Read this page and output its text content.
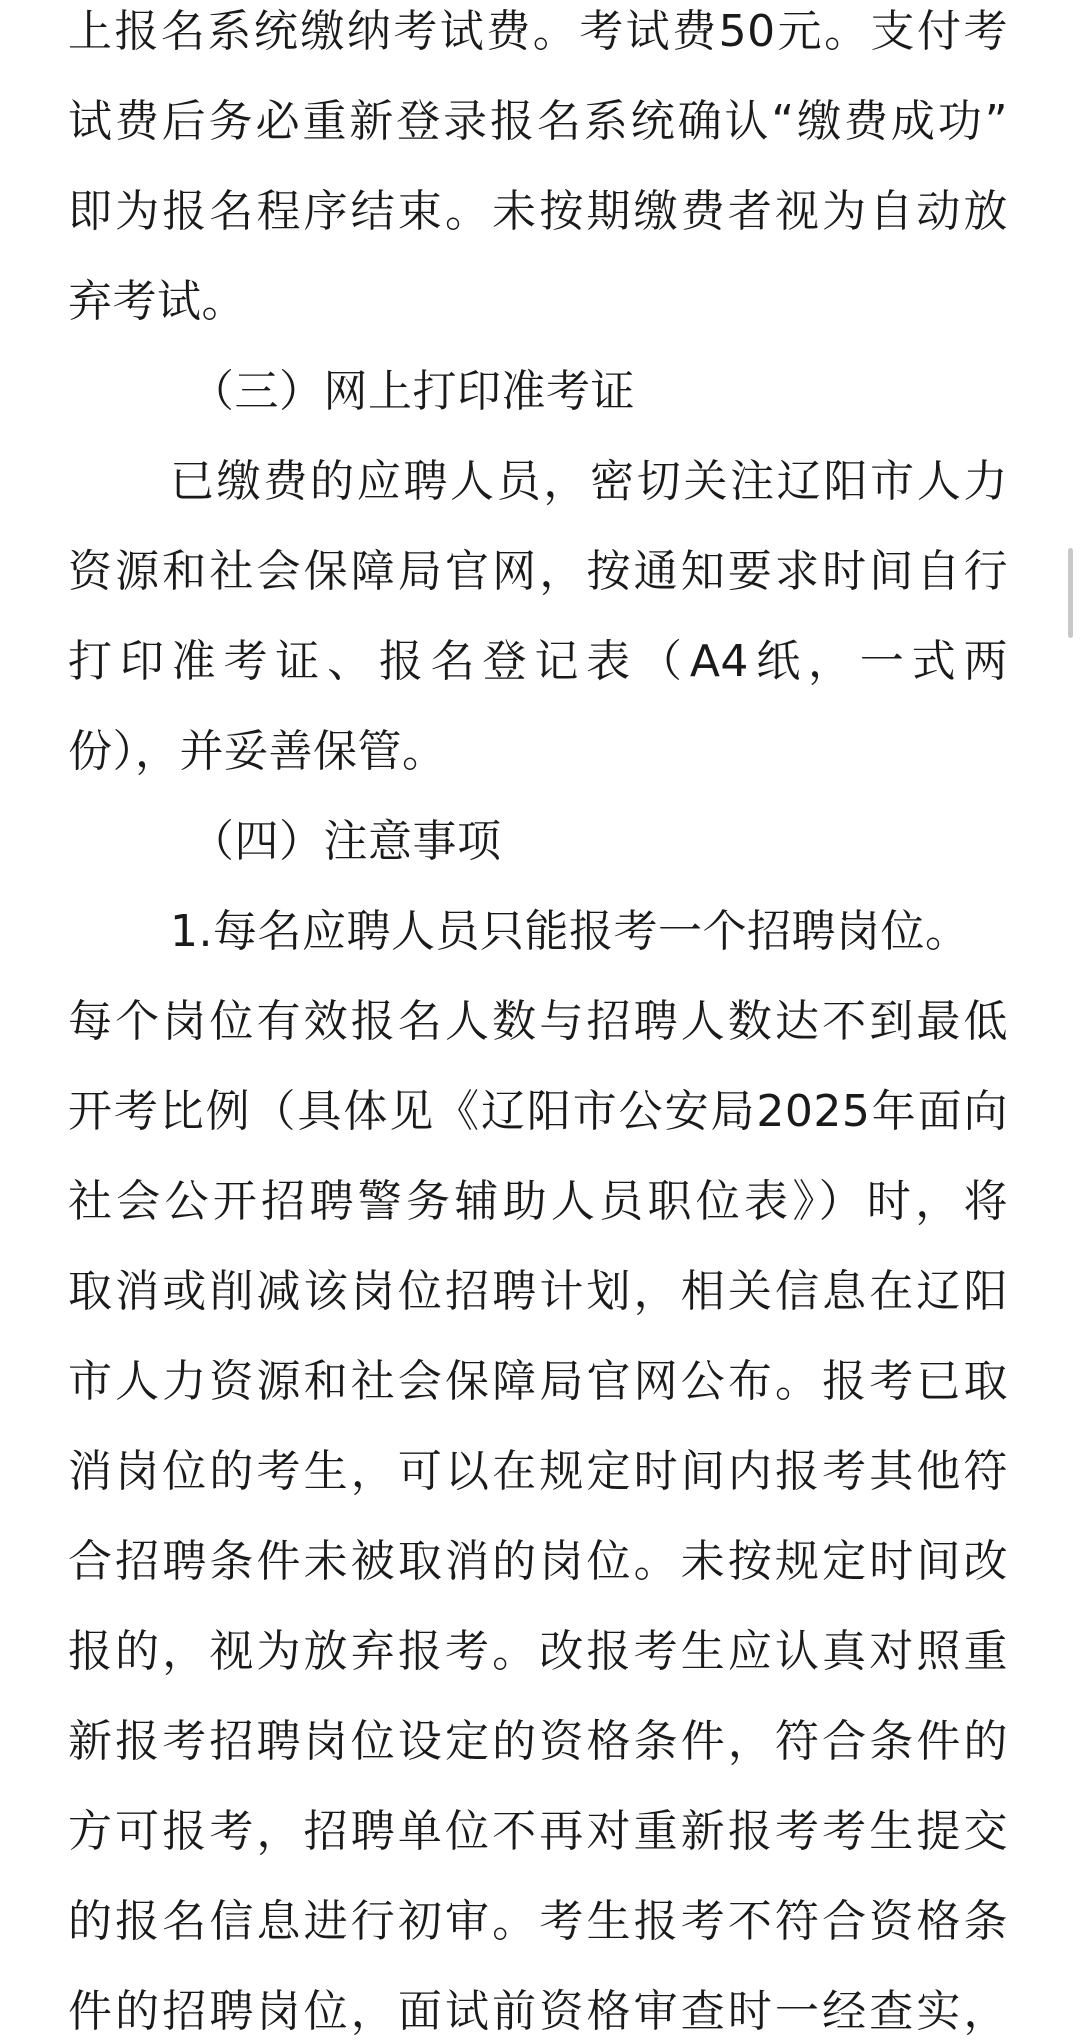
上报名系统缴纳考试费。考试费50元。支付考
试费后务必重新登录报名系统确认“缴费成功”
即为报名程序结束。未按期缴费者视为自动放
弃考试。
（三）网上打印准考证
已缴费的应聘人员，密切关注辽阳市人力
资源和社会保障局官网，按通知要求时间自行
打印准考证、报名登记表（A4纸，一式两
份），并妥善保管。
（四）注意事项
1.每名应聘人员只能报考一个招聘岗位。
每个岗位有效报名人数与招聘人数达不到最低
开考比例（具体见《辽阳市公安局2025年面向
社会公开招聘警务辅助人员职位表》）时，将
取消或削减该岗位招聘计划，相关信息在辽阳
市人力资源和社会保障局官网公布。报考已取
消岗位的考生，可以在规定时间内报考其他符
合招聘条件未被取消的岗位。未按规定时间改
报的，视为放弃报考。改报考生应认真对照重
新报考招聘岗位设定的资格条件，符合条件的
方可报考，招聘单位不再对重新报考考生提交
的报名信息进行初审。考生报考不符合资格条
件的招聘岗位，面试前资格审查时一经查实，
